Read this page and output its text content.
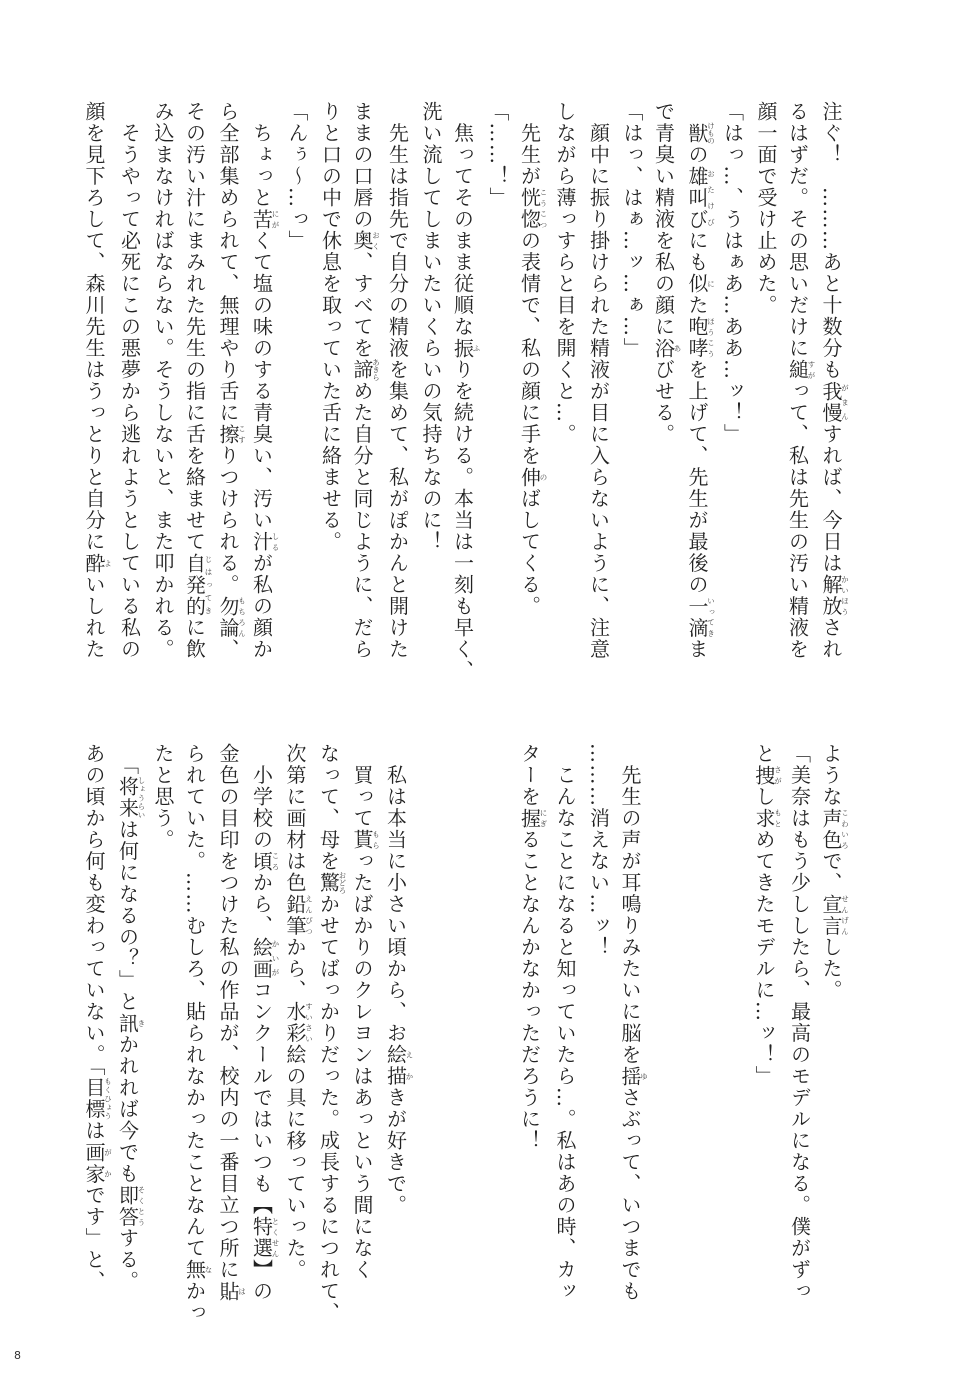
注ぐ！　………あと十数分も我慢がまんすれば、今日は解放かいほうされ
るはずだ。その思いだけに縋すがって、私は先生の汚い精液を
顔一面で受け止めた。
「はっ…、うはぁあ…ああ…ッ！」
　獣けものの雄叫びおたけびにも似にた咆哮ほうこうを上げて、先生が最後の一滴いってきま
で青臭い精液を私の顔に浴あびせる。
「はっ、はぁ…ッ…ぁ…」
　顔中に振り掛けられた精液が目に入らないように、注意
しながら薄っすらと目を開くと…。
　先生が恍惚こうこつの表情で、私の顔に手を伸のばしてくる。
「……！」
　焦ってそのまま従順な振ふりを続ける。本当は一刻も早く、
洗い流してしまいたいくらいの気持ちなのに！
　先生は指先で自分の精液を集めて、私がぽかんと開けた
ままの口唇の奥おく、すべてを諦あきらめた自分と同じように、だら
りと口の中で休息を取っていた舌に絡ませる。
「んぅ～…っ」
　ちょっと苦にがくて塩の味のする青臭い、汚い汁しるが私の顔か
ら全部集められて、無理やり舌に擦こすりつけられる。勿論もちろん、
その汚い汁にまみれた先生の指に舌を絡ませて自発的じはってきに飲
み込まなければならない。そうしないと、また叩かれる。
　そうやって必死にこの悪夢から逃れようとしている私の
顔を見下ろして、森川先生はうっとりと自分に酔よいしれた
ような声色こわいろで、宣言せんげんした。
「美奈はもう少ししたら、最高のモデルになる。僕がずっ
と捜さがし求もとめてきたモデルに…ッ！」
　先生の声が耳鳴りみたいに脳を揺ゆさぶって、いつまでも
………消えない…ッ！
　こんなことになると知っていたら…。私はあの時、カッ
ターを握にぎることなんかなかっただろうに！
　私は本当に小さい頃から、お絵描えかきが好きで。
　買って貰もらったばかりのクレヨンはあっという間になく
なって、母を驚おどろかせてばっかりだった。成長するにつれて、
次第に画材は色鉛筆えんぴつから、水彩すいさい絵の具に移っていった。
　小学校の頃ころから、絵画かいがコンクールではいつも【特選とくせん】の
金色の目印をつけた私の作品が、校内の一番目立つ所に貼は
られていた。……むしろ、貼られなかったことなんて無なかっ
たと思う。
　「将来しょうらいは何になるの？」と訊きかれれば今でも即答そくとうする。
あの頃から何も変わっていない。「目標もくひょうは画家がかです」と、
8
